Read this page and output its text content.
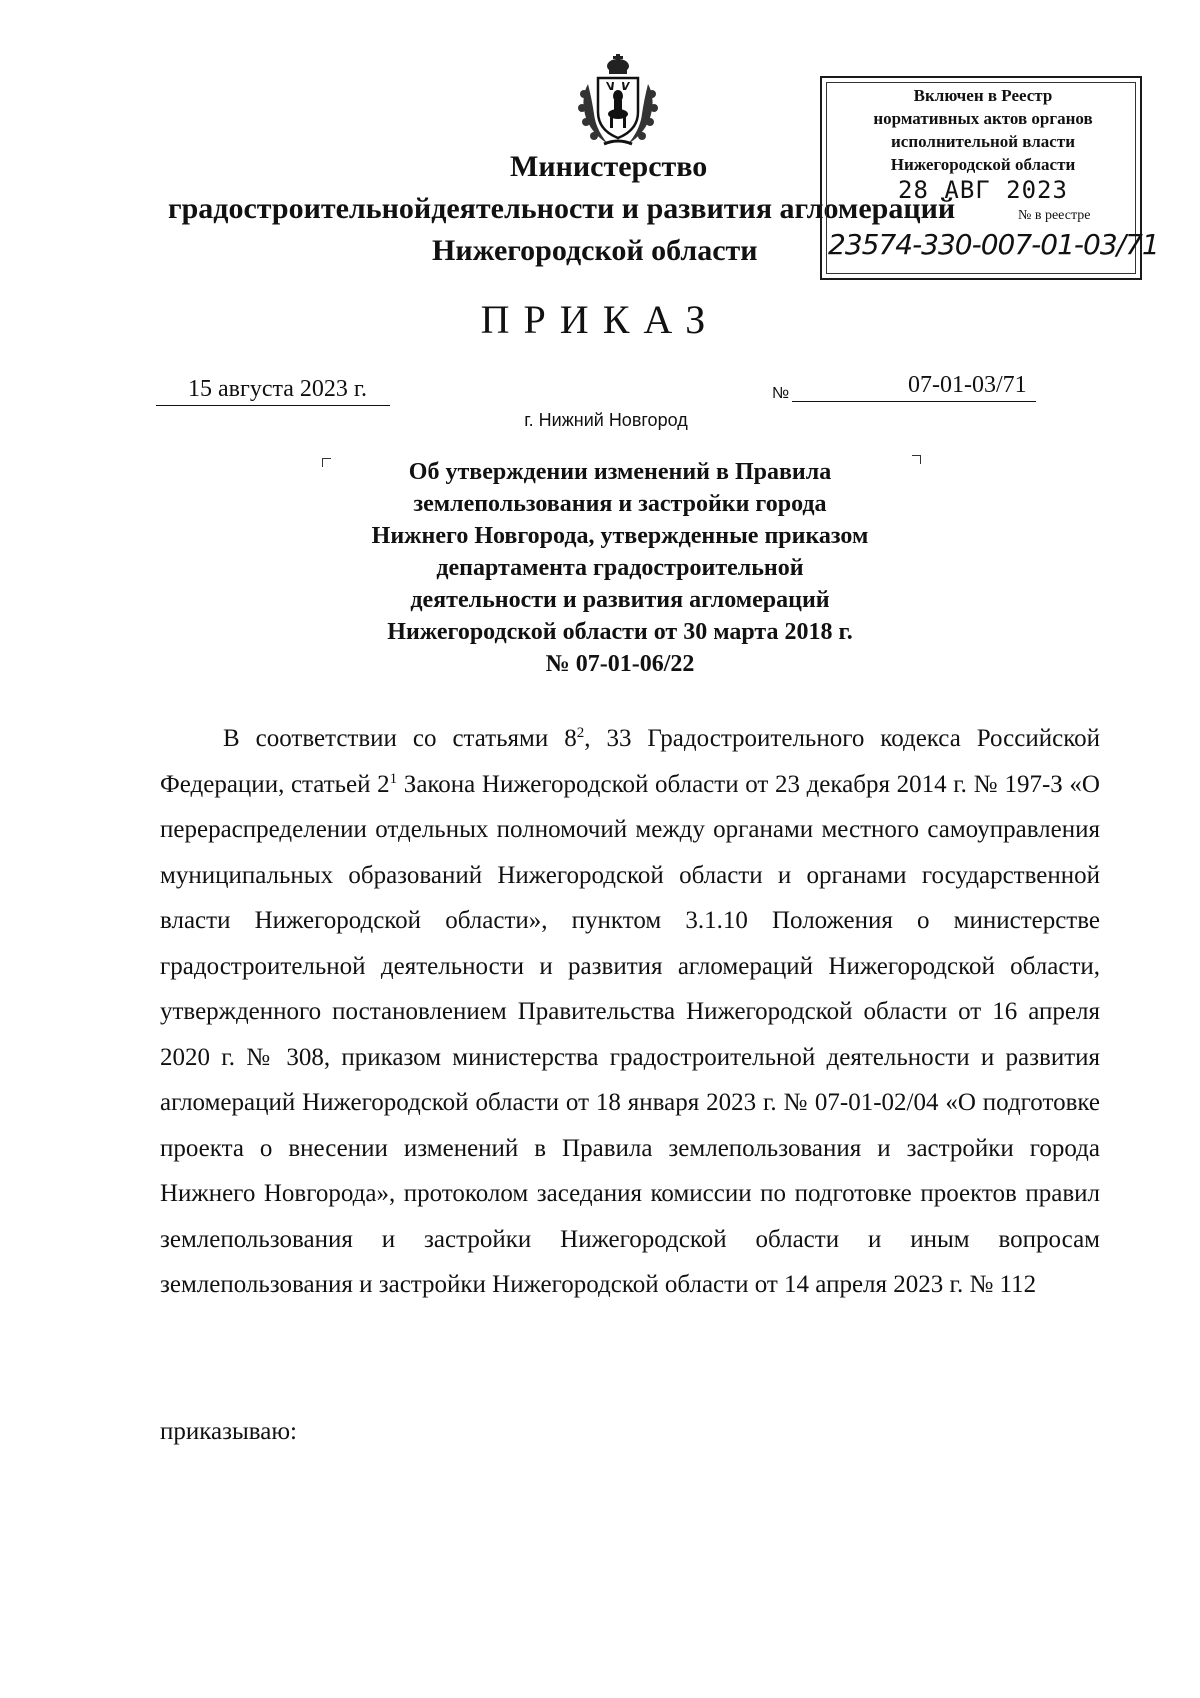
Министерство
градостроительнойдеятельности и развития агломераций
Нижегородской области
Включен в Реестр
нормативных актов органов
исполнительной власти
Нижегородской области
28 АВГ 2023
№ в реестре
23574-330-007-01-03/71
ПРИКАЗ
15 августа 2023 г.	№	07-01-03/71
г. Нижний Новгород
Об утверждении изменений в Правила
землепользования и застройки города
Нижнего Новгорода, утвержденные приказом
департамента градостроительной
деятельности и развития агломераций
Нижегородской области от 30 марта 2018 г.
№ 07-01-06/22
В соответствии со статьями $8^2$, 33 Градостроительного кодекса Российской Федерации, статьей $2^1$ Закона Нижегородской области от 23 декабря 2014 г. № 197-З «О перераспределении отдельных полномочий между органами местного самоуправления муниципальных образований Нижегородской области и органами государственной власти Нижегородской области», пунктом 3.1.10 Положения о министерстве градостроительной деятельности и развития агломераций Нижегородской области, утвержденного постановлением Правительства Нижегородской области от 16 апреля 2020 г. № 308, приказом министерства градостроительной деятельности и развития агломераций Нижегородской области от 18 января 2023 г. № 07-01-02/04 «О подготовке проекта о внесении изменений в Правила землепользования и застройки города Нижнего Новгорода», протоколом заседания комиссии по подготовке проектов правил землепользования и застройки Нижегородской области и иным вопросам землепользования и застройки Нижегородской области от 14 апреля 2023 г. № 112
приказываю:
